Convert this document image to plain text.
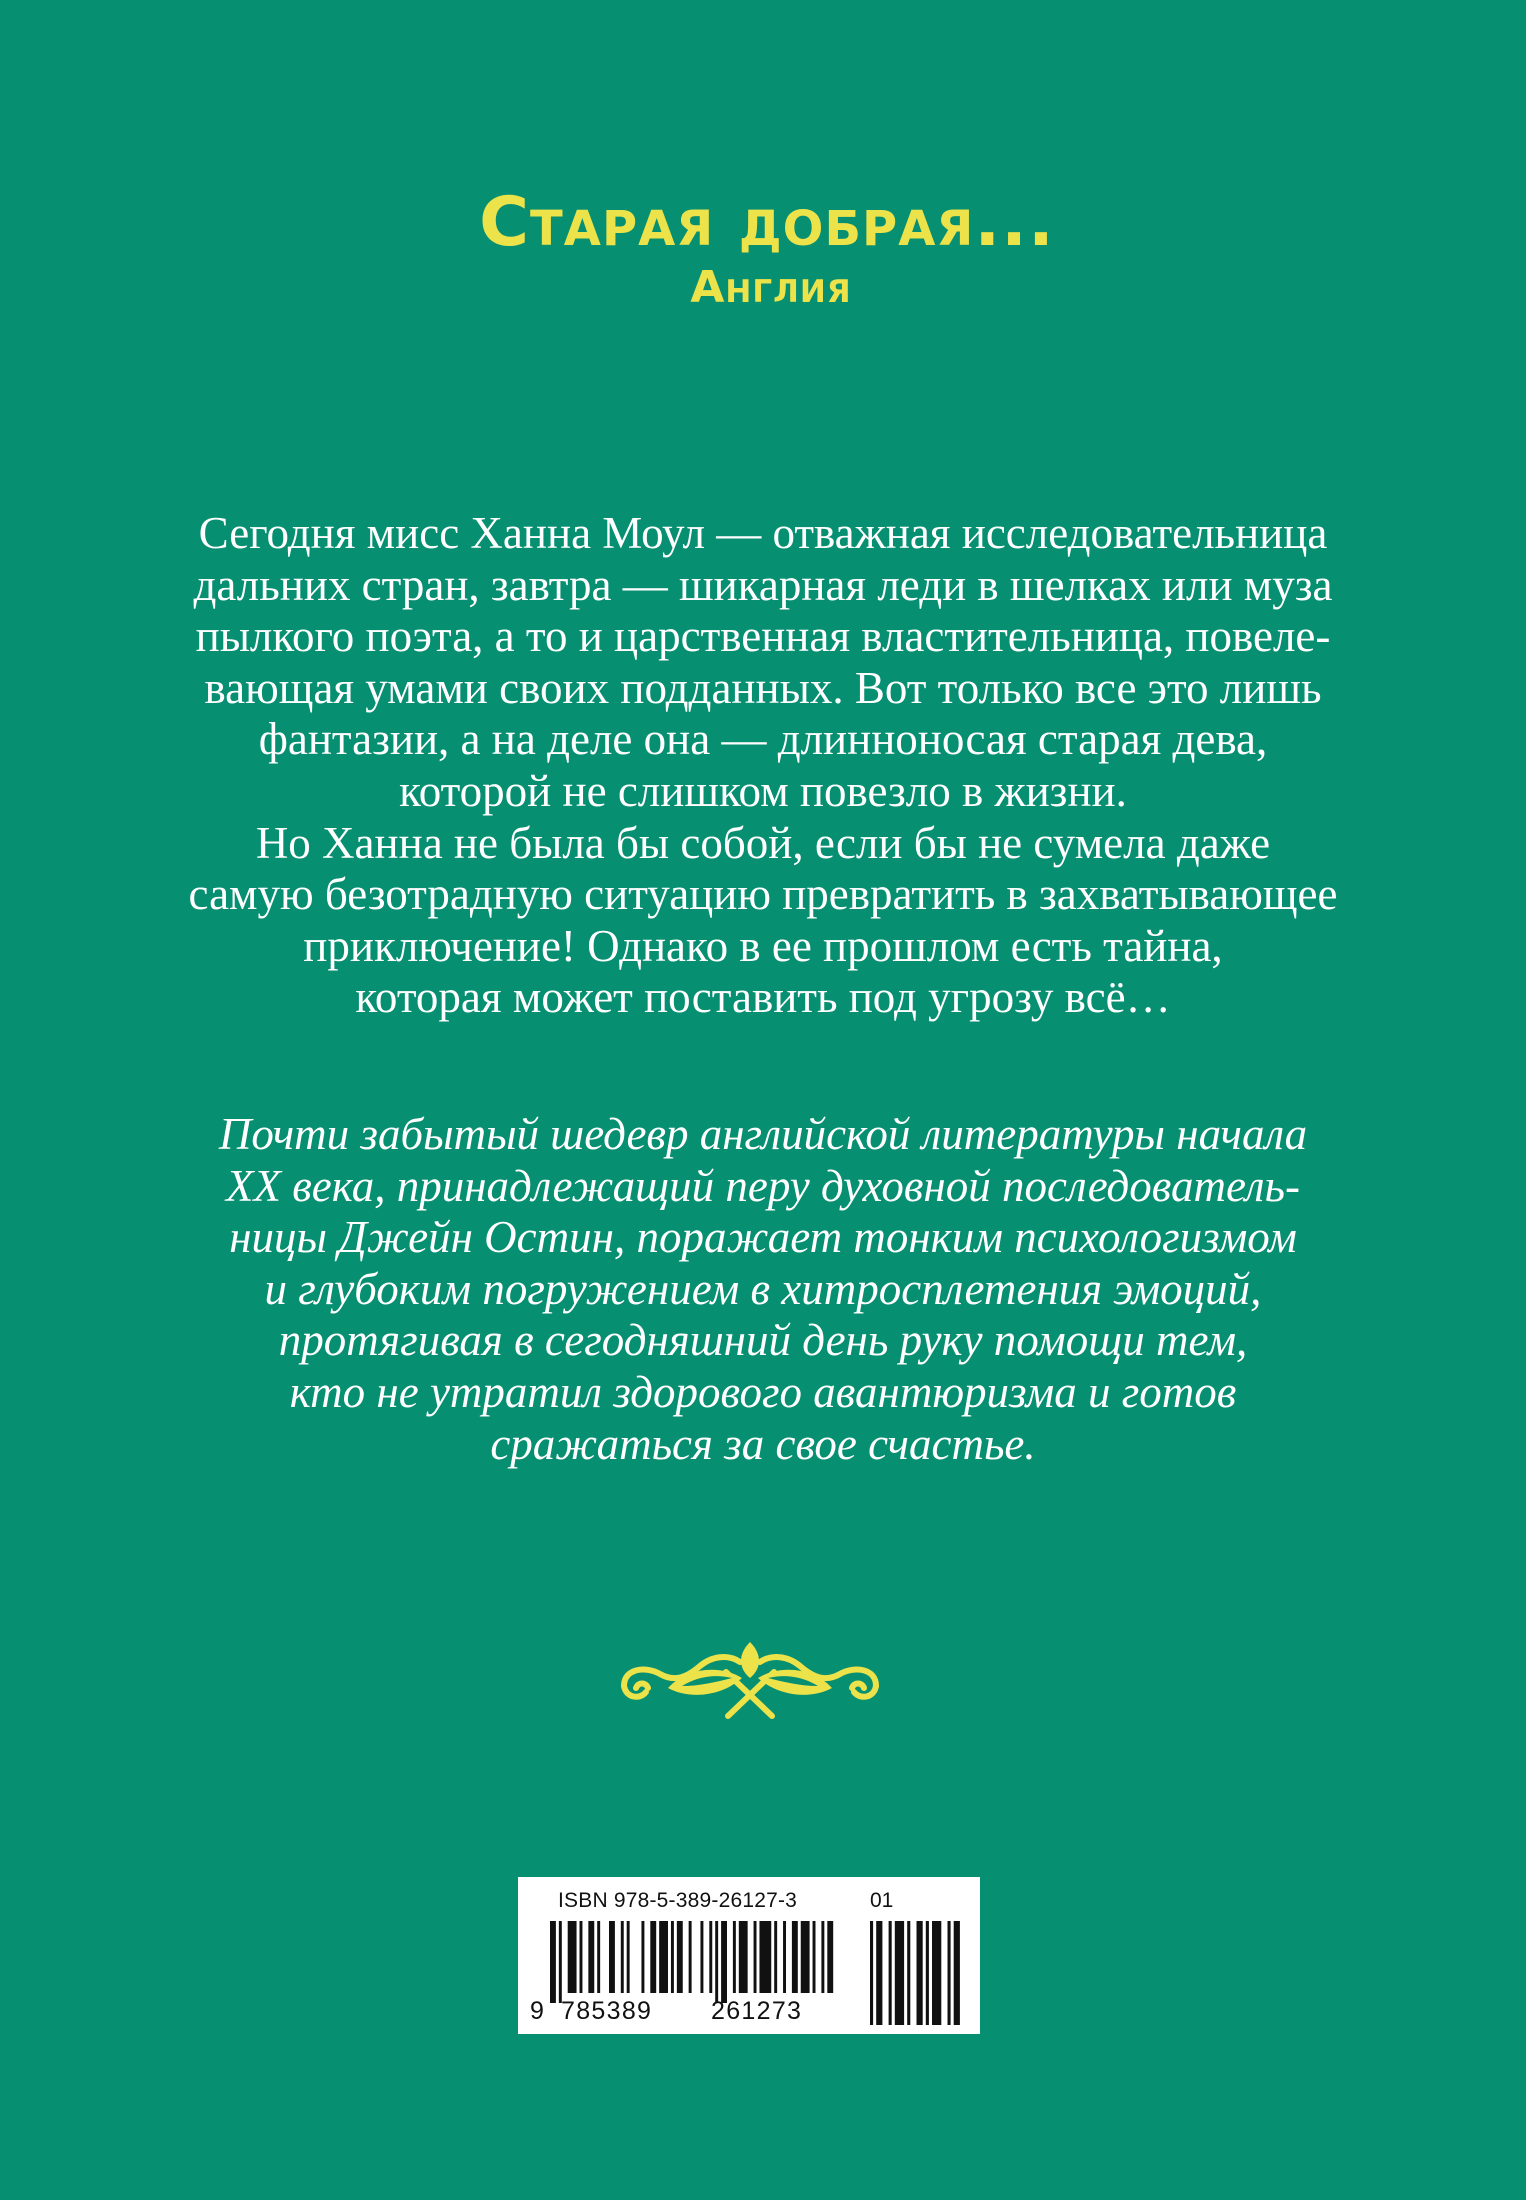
Старая добрая...
Англия
Сегодня мисс Ханна Моул — отважная исследовательница
дальних стран, завтра — шикарная леди в шелках или муза
пылкого поэта, а то и царственная властительница, повеле-
вающая умами своих подданных. Вот только все это лишь
фантазии, а на деле она — длинноносая старая дева,
которой не слишком повезло в жизни.
Но Ханна не была бы собой, если бы не сумела даже
самую безотрадную ситуацию превратить в захватывающее
приключение! Однако в ее прошлом есть тайна,
которая может поставить под угрозу всё…
Почти забытый шедевр английской литературы начала
XX века, принадлежащий перу духовной последователь-
ницы Джейн Остин, поражает тонким психологизмом
и глубоким погружением в хитросплетения эмоций,
протягивая в сегодняшний день руку помощи тем,
кто не утратил здорового авантюризма и готов
сражаться за свое счастье.
ISBN 978-5-389-26127-3	01
9 785389 261273
